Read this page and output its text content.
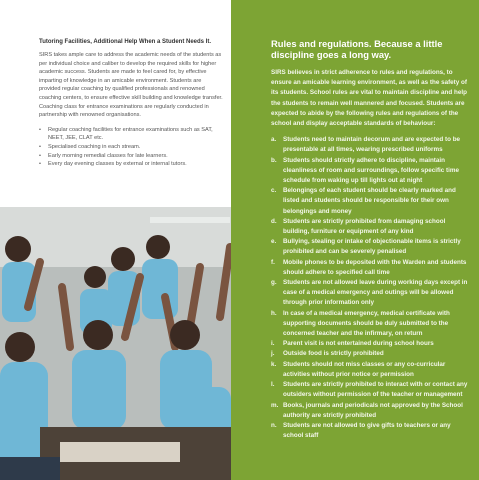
Tutoring Facilities, Additional Help When a Student Needs It.

SIRS takes ample care to address the academic needs of the students as per individual choice and caliber to develop the required skills for higher academic success. Students are made to feel cared for, by effective imparting of knowledge in an amicable environment. Students are provided regular coaching by qualified professionals and renowned coaching centers, to ensure effective skill building and knowledge transfer. Coaching class for entrance examinations are regularly conducted in partnership with renowned organisations.

•	Regular coaching facilities for entrance examinations such as SAT, NEET, JEE, CLAT etc.
•	Specialised coaching in each stream.
•	Early morning remedial classes for late learners.
•	Every day evening classes by external or internal tutors.
Rules and regulations. Because a little discipline goes a long way.

SIRS believes in strict adherence to rules and regulations, to ensure an amicable learning environment, as well as the safety of its students. School rules are vital to maintain discipline and help the students to remain well mannered and focused. Students are expected to abide by the following rules and regulations of the school and display acceptable standards of behaviour:

a. Students need to maintain decorum and are expected to be presentable at all times, wearing prescribed uniforms
b. Students should strictly adhere to discipline, maintain cleanliness of room and surroundings, follow specific time schedule from waking up till lights out at night
c. Belongings of each student should be clearly marked and listed and students should be responsible for their own belongings and money
d. Students are strictly prohibited from damaging school building, furniture or equipment of any kind
e. Bullying, stealing or intake of objectionable items is strictly prohibited and can be severely penalised
f. Mobile phones to be deposited with the Warden and students should adhere to specified call time
g. Students are not allowed leave during working days except in case of a medical emergency and outings will be allowed through prior information only
h. In case of a medical emergency, medical certificate with supporting documents should be duly submitted to the concerned teacher and the infirmary, on return
i. Parent visit is not entertained during school hours
j. Outside food is strictly prohibited
k. Students should not miss classes or any co-curricular activities without prior notice or permission
l. Students are strictly prohibited to interact with or contact any outsiders without permission of the teacher or management
m. Books, journals and periodicals not approved by the School authority are strictly prohibited
n. Students are not allowed to give gifts to teachers or any school staff
